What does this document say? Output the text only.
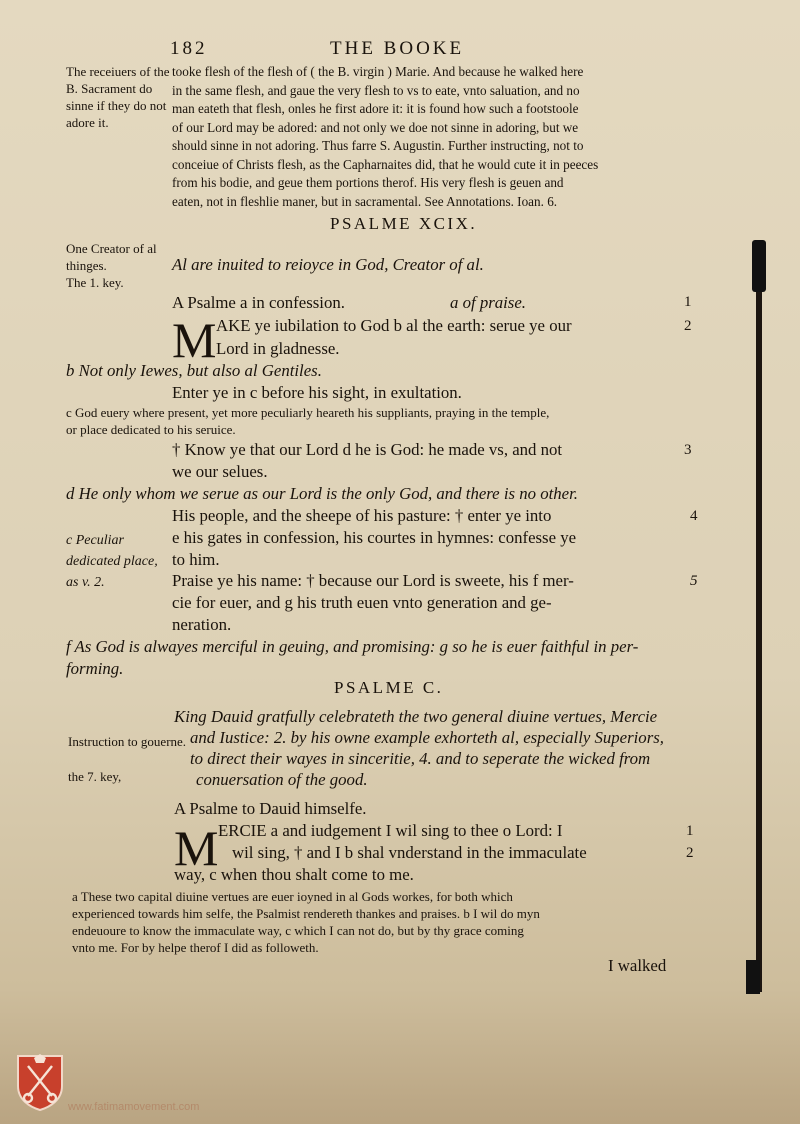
182	THE BOOKE
The receiuers of the B. Sacrament do sinne if they do not adore it.
tooke flesh of the flesh of ( the B. virgin ) Marie. And because he walked here
in the same flesh, and gaue the very flesh to vs to eate, vnto saluation, and no
man eateth that flesh, onles he first adore it: it is found how such a footstoole
of our Lord may be adored: and not only we doe not sinne in adoring, but we
should sinne in not adoring. Thus farre S. Augustin. Further instructing, not to
conceiue of Christs flesh, as the Capharnaites did, that he would cute it in peeces
from his bodie, and geue them portions therof. His very flesh is geuen and
eaten, not in fleshlie maner, but in sacramental. See Annotations. Ioan. 6.
PSALME XCIX.
One Creator of al thinges.
The 1. key.
Al are inuited to reioyce in God, Creator of al.
A Psalme a in confession.	a of praise.	1
M AKE ye iubilation to God b al the earth: serue ye our	2
Lord in gladnesse.
b Not only Iewes, but also al Gentiles.
Enter ye in c before his sight, in exultation.
c God euery where present, yet more peculiarly heareth his suppliants, praying in the temple,
or place dedicated to his seruice.
† Know ye that our Lord d he is God: he made vs, and not	3
we our selues.
d He only whom we serue as our Lord is the only God, and there is no other.
His people, and the sheepe of his pasture: † enter ye into	4
e his gates in confession, his courtes in hymnes: confesse ye
to him.
c Peculiar dedicated place, as v. 2.	Praise ye his name: † because our Lord is sweete, his f mer-	5
cie for euer, and g his truth euen vnto generation and ge-
neration.
f As God is alwayes merciful in geuing, and promising: g so he is euer faithful in per-
forming.
PSALME C.
King Dauid gratfully celebrateth the two general diuine vertues, Mercie
and Iustice: 2. by his owne example exhorteth al, especially Superiors,
to direct their wayes in sinceritie, 4. and to seperate the wicked from
conuersation of the good.
Instruction to gouerne.
the 7. key,
A Psalme to Dauid himselfe.
M ERCIE a and iudgement I wil sing to thee o Lord: I	1
wil sing, † and I b shal vnderstand in the immaculate	2
way, c when thou shalt come to me.
a These two capital diuine vertues are euer ioyned in al Gods workes, for both which
experienced towards him selfe, the Psalmist rendereth thankes and praises. b I wil do myn
endeuoure to know the immaculate way, c which I can not do, but by thy grace coming
vnto me. For by helpe therof I did as followeth.
I walked
www.fatimamovement.com
